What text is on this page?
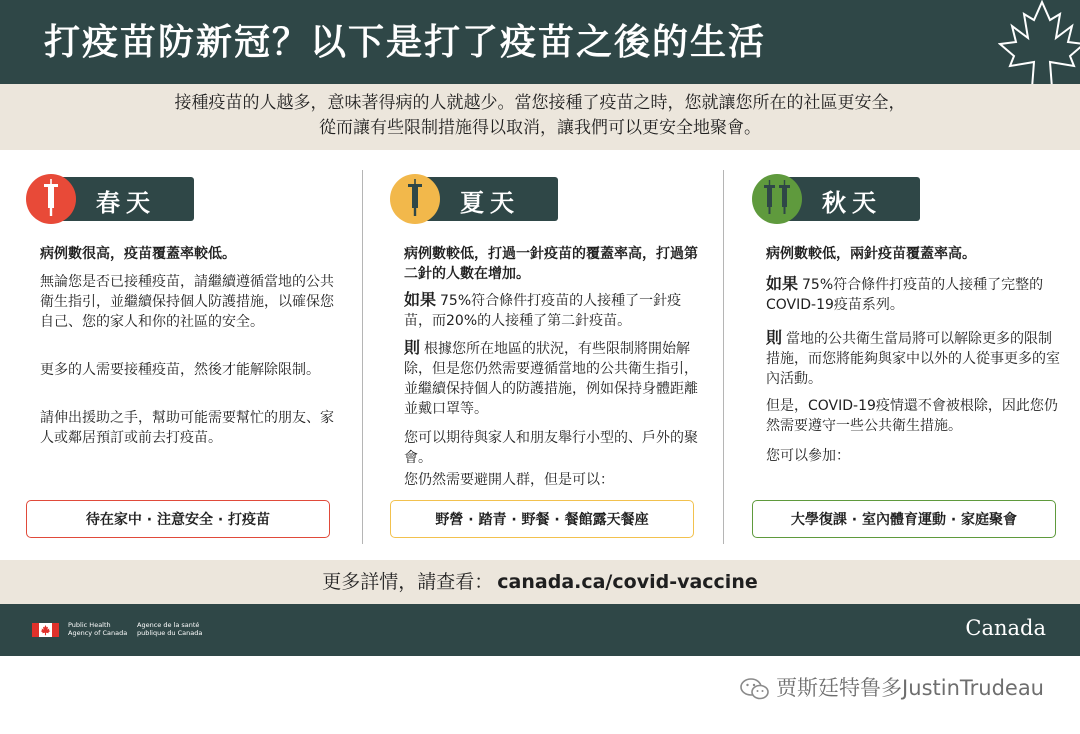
打疫苗防新冠？以下是打了疫苗之後的生活

接種疫苗的人越多，意味著得病的人就越少。當您接種了疫苗之時，您就讓您所在的社區更安全，

從而讓有些限制措施得以取消，讓我們可以更安全地聚會。

春天
病例數很高，疫苗覆蓋率較低。
無論您是否已接種疫苗，請繼續遵循當地的公共衛生指引，並繼續保持個人防護措施，以確保您自己、您的家人和你的社區的安全。
更多的人需要接種疫苗，然後才能解除限制。
請伸出援助之手，幫助可能需要幫忙的朋友、家人或鄰居預訂或前去打疫苗。
待在家中 · 注意安全 · 打疫苗
夏天
病例數較低，打過一針疫苗的覆蓋率高，打過第二針的人數在增加。
如果 75%符合條件打疫苗的人接種了一針疫苗，而20%的人接種了第二針疫苗。
則 根據您所在地區的狀況，有些限制將開始解除，但是您仍然需要遵循當地的公共衛生指引，並繼續保持個人的防護措施，例如保持身體距離並戴口罩等。
您可以期待與家人和朋友舉行小型的、戶外的聚會。
您仍然需要避開人群，但是可以：
野營 · 踏青 · 野餐 · 餐館露天餐座
秋天
病例數較低，兩針疫苗覆蓋率高。
如果 75%符合條件打疫苗的人接種了完整的COVID-19疫苗系列。
則 當地的公共衛生當局將可以解除更多的限制措施，而您將能夠與家中以外的人從事更多的室內活動。
但是，COVID-19疫情還不會被根除，因此您仍然需要遵守一些公共衛生措施。
您可以參加：
大學復課 · 室內體育運動 · 家庭聚會
更多詳情，請查看： canada.ca/covid-vaccine
Public Health
Agency of Canada
Agence de la santé
publique du Canada	Canada
贾斯廷特鲁多JustinTrudeau
